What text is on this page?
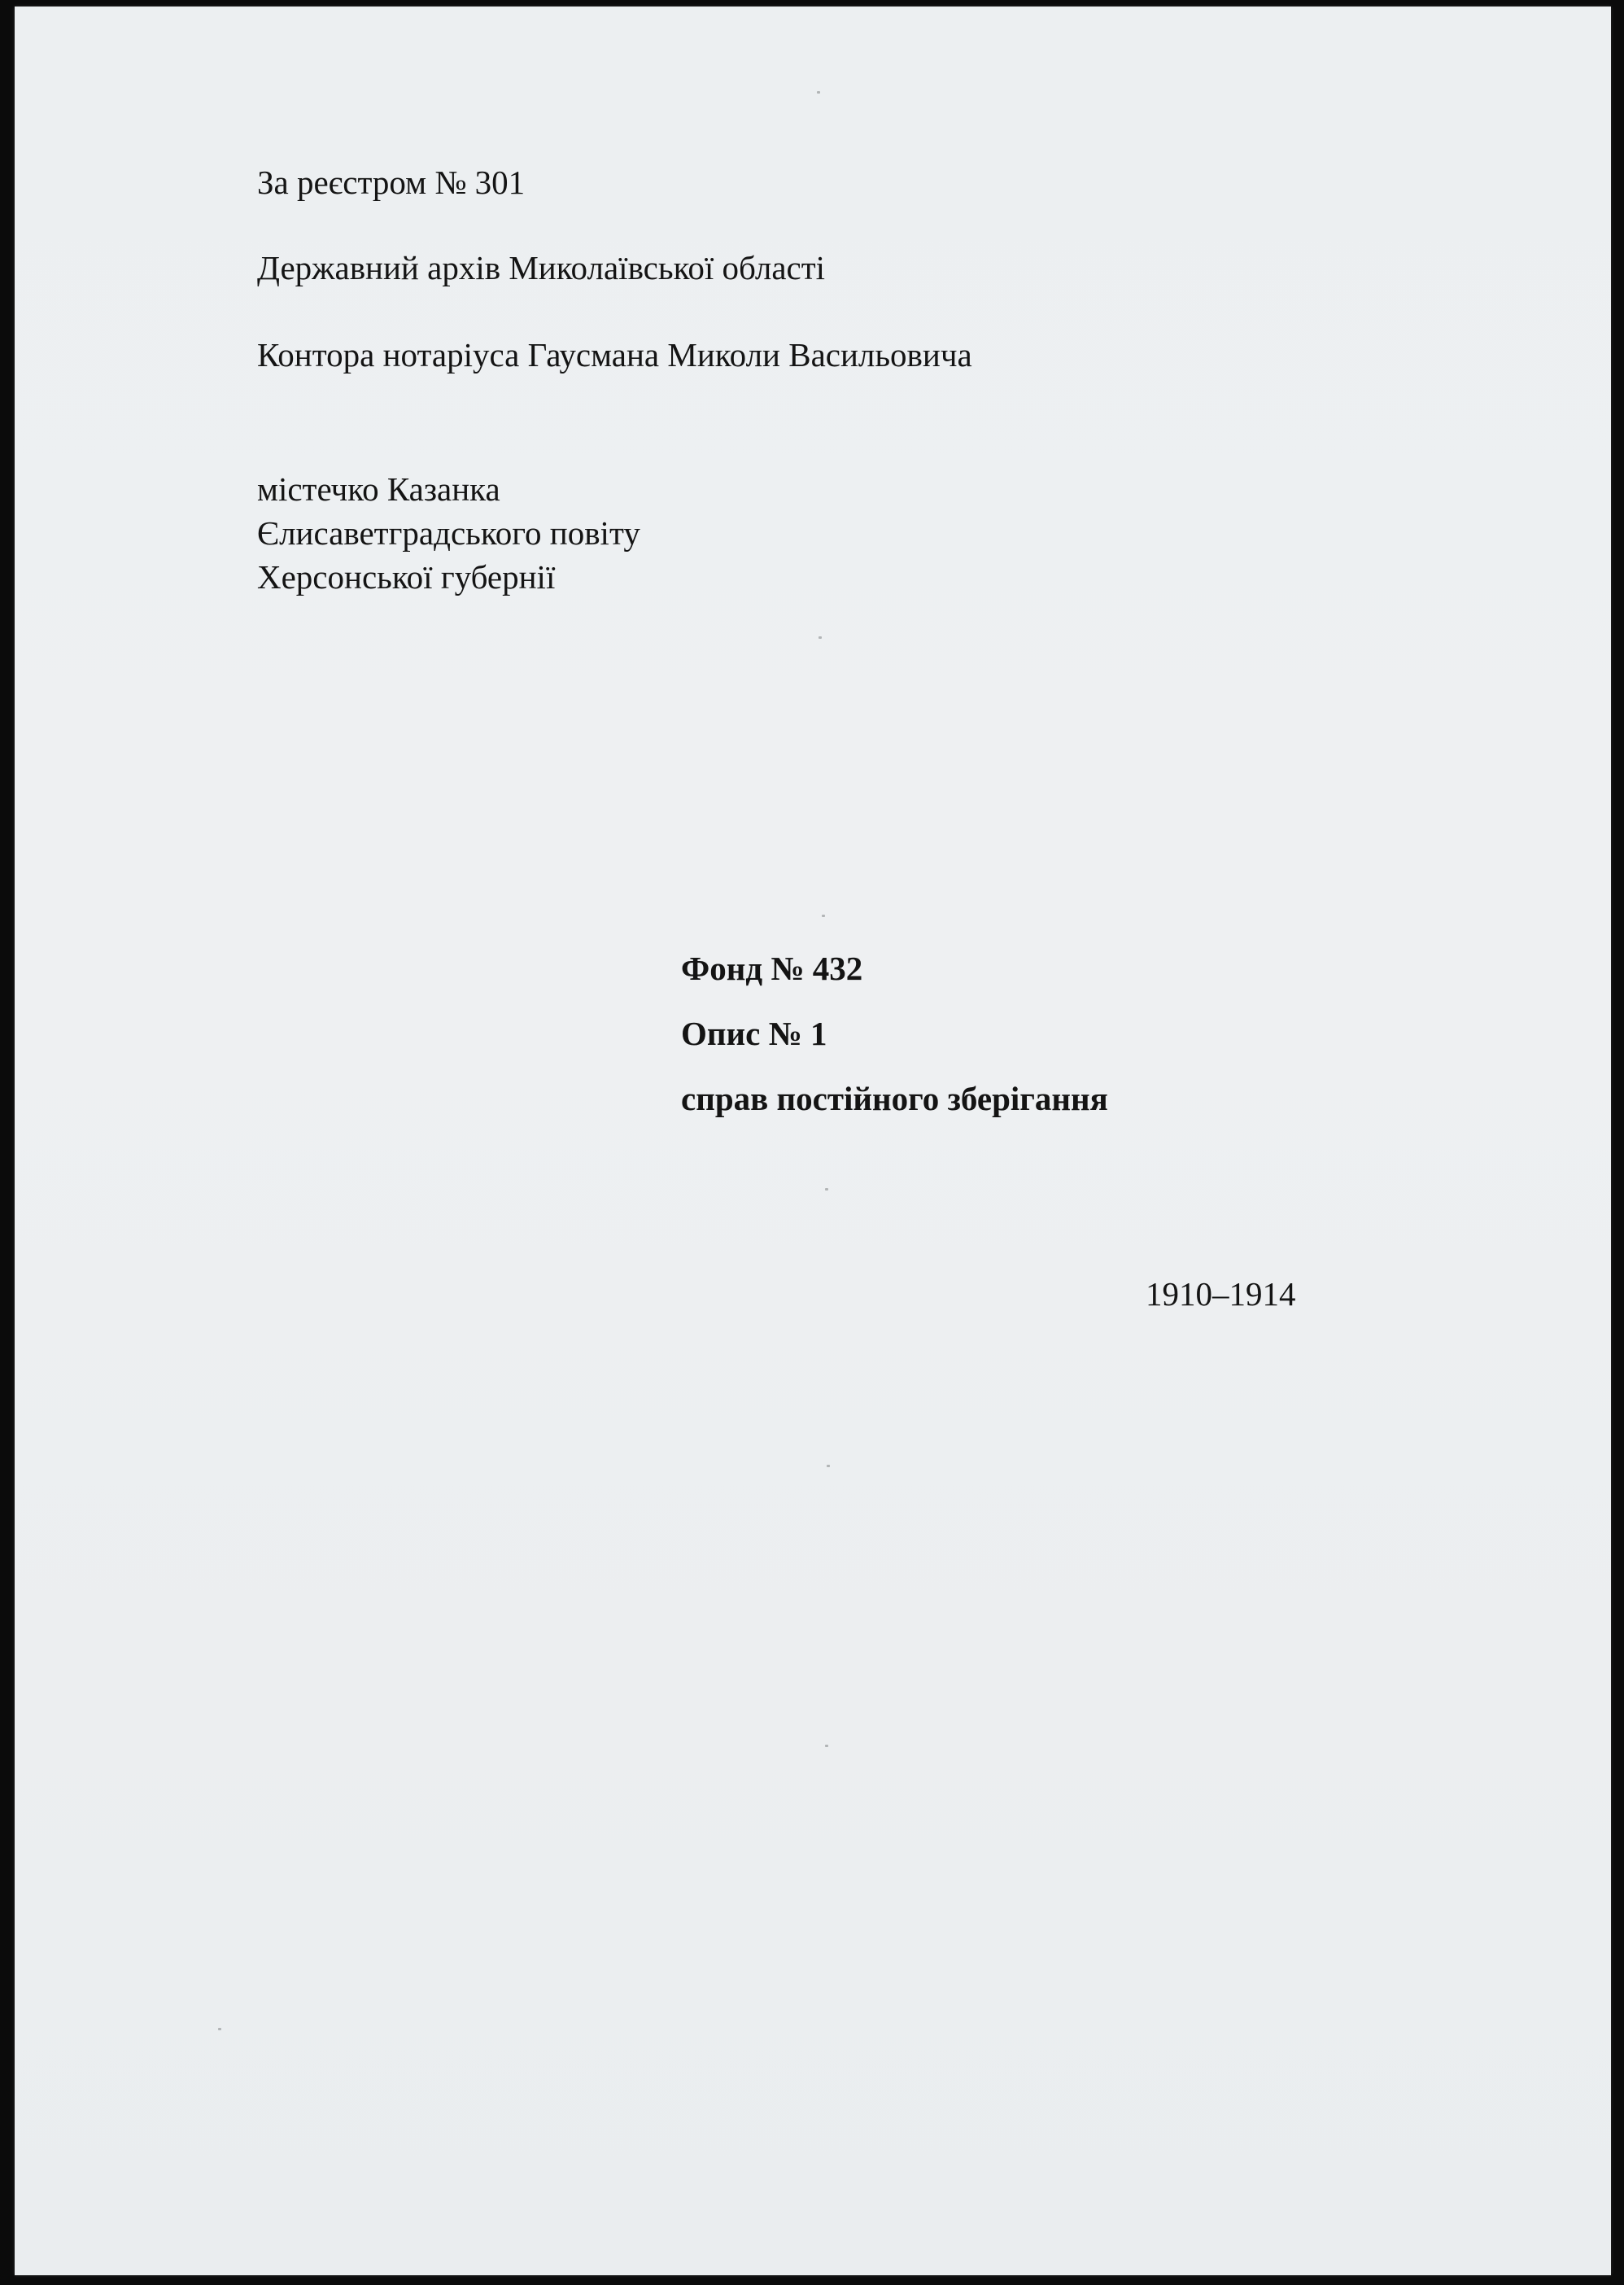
За реєстром № 301

Державний архів Миколаївської області

Контора нотаріуса Гаусмана Миколи Васильовича

містечко Казанка
Єлисаветградського повіту
Херсонської губернії

Фонд № 432

Опис № 1

справ постійного зберігання

1910–1914
